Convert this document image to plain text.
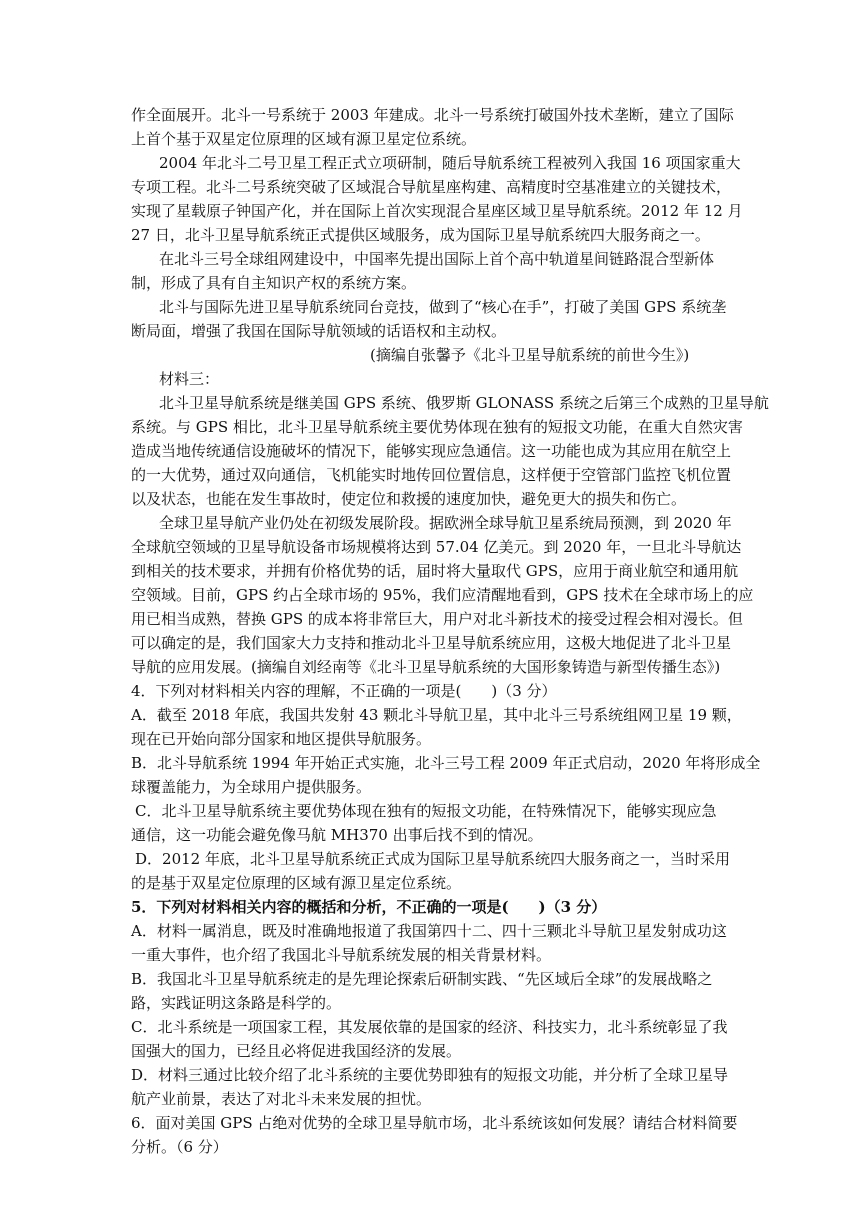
作全面展开。北斗一号系统于 2003 年建成。北斗一号系统打破国外技术垄断，建立了国际
上首个基于双星定位原理的区域有源卫星定位系统。
2004 年北斗二号卫星工程正式立项研制，随后导航系统工程被列入我国 16 项国家重大
专项工程。北斗二号系统突破了区域混合导航星座构建、高精度时空基准建立的关键技术，
实现了星载原子钟国产化，并在国际上首次实现混合星座区域卫星导航系统。2012 年 12 月
27 日，北斗卫星导航系统正式提供区域服务，成为国际卫星导航系统四大服务商之一。
在北斗三号全球组网建设中，中国率先提出国际上首个高中轨道星间链路混合型新体
制，形成了具有自主知识产权的系统方案。
北斗与国际先进卫星导航系统同台竞技，做到了“核心在手”，打破了美国 GPS 系统垄
断局面，增强了我国在国际导航领域的话语权和主动权。
(摘编自张馨予《北斗卫星导航系统的前世今生》)
材料三：
北斗卫星导航系统是继美国 GPS 系统、俄罗斯 GLONASS 系统之后第三个成熟的卫星导航
系统。与 GPS 相比，北斗卫星导航系统主要优势体现在独有的短报文功能，在重大自然灾害
造成当地传统通信设施破坏的情况下，能够实现应急通信。这一功能也成为其应用在航空上
的一大优势，通过双向通信，飞机能实时地传回位置信息，这样便于空管部门监控飞机位置
以及状态，也能在发生事故时，使定位和救援的速度加快，避免更大的损失和伤亡。
全球卫星导航产业仍处在初级发展阶段。据欧洲全球导航卫星系统局预测，到 2020 年
全球航空领域的卫星导航设备市场规模将达到 57.04 亿美元。到 2020 年，一旦北斗导航达
到相关的技术要求，并拥有价格优势的话，届时将大量取代 GPS，应用于商业航空和通用航
空领域。目前，GPS 约占全球市场的 95%，我们应清醒地看到，GPS 技术在全球市场上的应
用已相当成熟，替换 GPS 的成本将非常巨大，用户对北斗新技术的接受过程会相对漫长。但
可以确定的是，我们国家大力支持和推动北斗卫星导航系统应用，这极大地促进了北斗卫星
导航的应用发展。(摘编自刘经南等《北斗卫星导航系统的大国形象铸造与新型传播生态》)
4．下列对材料相关内容的理解，不正确的一项是(　　)（3 分）
A．截至 2018 年底，我国共发射 43 颗北斗导航卫星，其中北斗三号系统组网卫星 19 颗，
现在已开始向部分国家和地区提供导航服务。
B．北斗导航系统 1994 年开始正式实施，北斗三号工程 2009 年正式启动，2020 年将形成全
球覆盖能力，为全球用户提供服务。
C．北斗卫星导航系统主要优势体现在独有的短报文功能，在特殊情况下，能够实现应急
通信，这一功能会避免像马航 MH370 出事后找不到的情况。
D．2012 年底，北斗卫星导航系统正式成为国际卫星导航系统四大服务商之一，当时采用
的是基于双星定位原理的区域有源卫星定位系统。
5．下列对材料相关内容的概括和分析，不正确的一项是(　　)（3 分）
A．材料一属消息，既及时准确地报道了我国第四十二、四十三颗北斗导航卫星发射成功这
一重大事件，也介绍了我国北斗导航系统发展的相关背景材料。
B．我国北斗卫星导航系统走的是先理论探索后研制实践、“先区域后全球”的发展战略之
路，实践证明这条路是科学的。
C．北斗系统是一项国家工程，其发展依靠的是国家的经济、科技实力，北斗系统彰显了我
国强大的国力，已经且必将促进我国经济的发展。
D．材料三通过比较介绍了北斗系统的主要优势即独有的短报文功能，并分析了全球卫星导
航产业前景，表达了对北斗未来发展的担忧。
6．面对美国 GPS 占绝对优势的全球卫星导航市场，北斗系统该如何发展？请结合材料简要
分析。（6 分）
